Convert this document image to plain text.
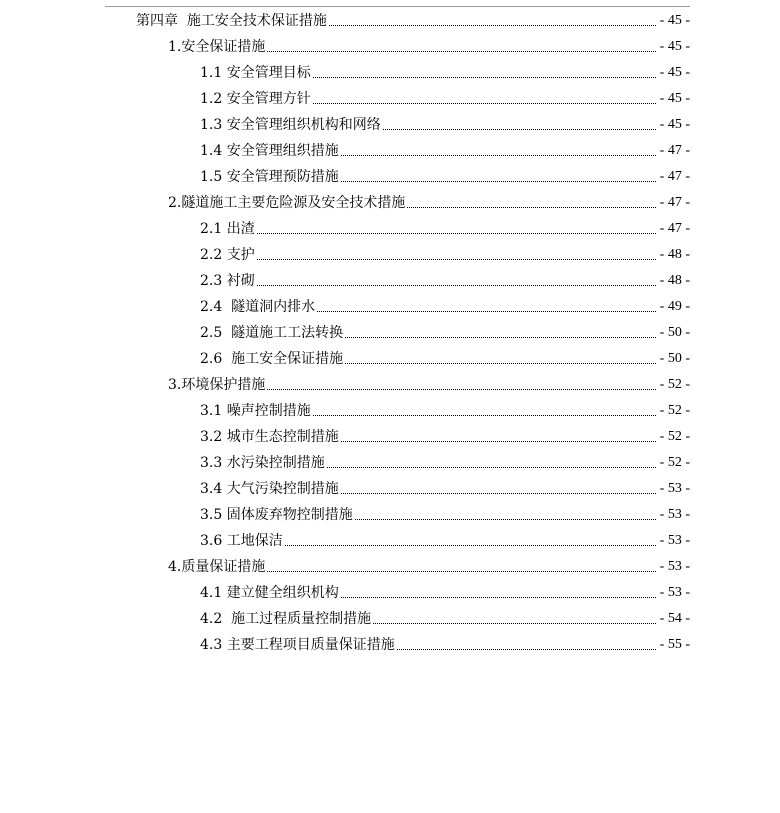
第四章  施工安全技术保证措施	- 45 -
1.安全保证措施	- 45 -
1.1 安全管理目标	- 45 -
1.2 安全管理方针	- 45 -
1.3 安全管理组织机构和网络	- 45 -
1.4 安全管理组织措施	- 47 -
1.5 安全管理预防措施	- 47 -
2.隧道施工主要危险源及安全技术措施	- 47 -
2.1 出渣	- 47 -
2.2 支护	- 48 -
2.3 衬砌	- 48 -
2.4  隧道洞内排水	- 49 -
2.5  隧道施工工法转换	- 50 -
2.6  施工安全保证措施	- 50 -
3.环境保护措施	- 52 -
3.1 噪声控制措施	- 52 -
3.2 城市生态控制措施	- 52 -
3.3 水污染控制措施	- 52 -
3.4 大气污染控制措施	- 53 -
3.5 固体废弃物控制措施	- 53 -
3.6 工地保洁	- 53 -
4.质量保证措施	- 53 -
4.1 建立健全组织机构	- 53 -
4.2  施工过程质量控制措施	- 54 -
4.3 主要工程项目质量保证措施	- 55 -
